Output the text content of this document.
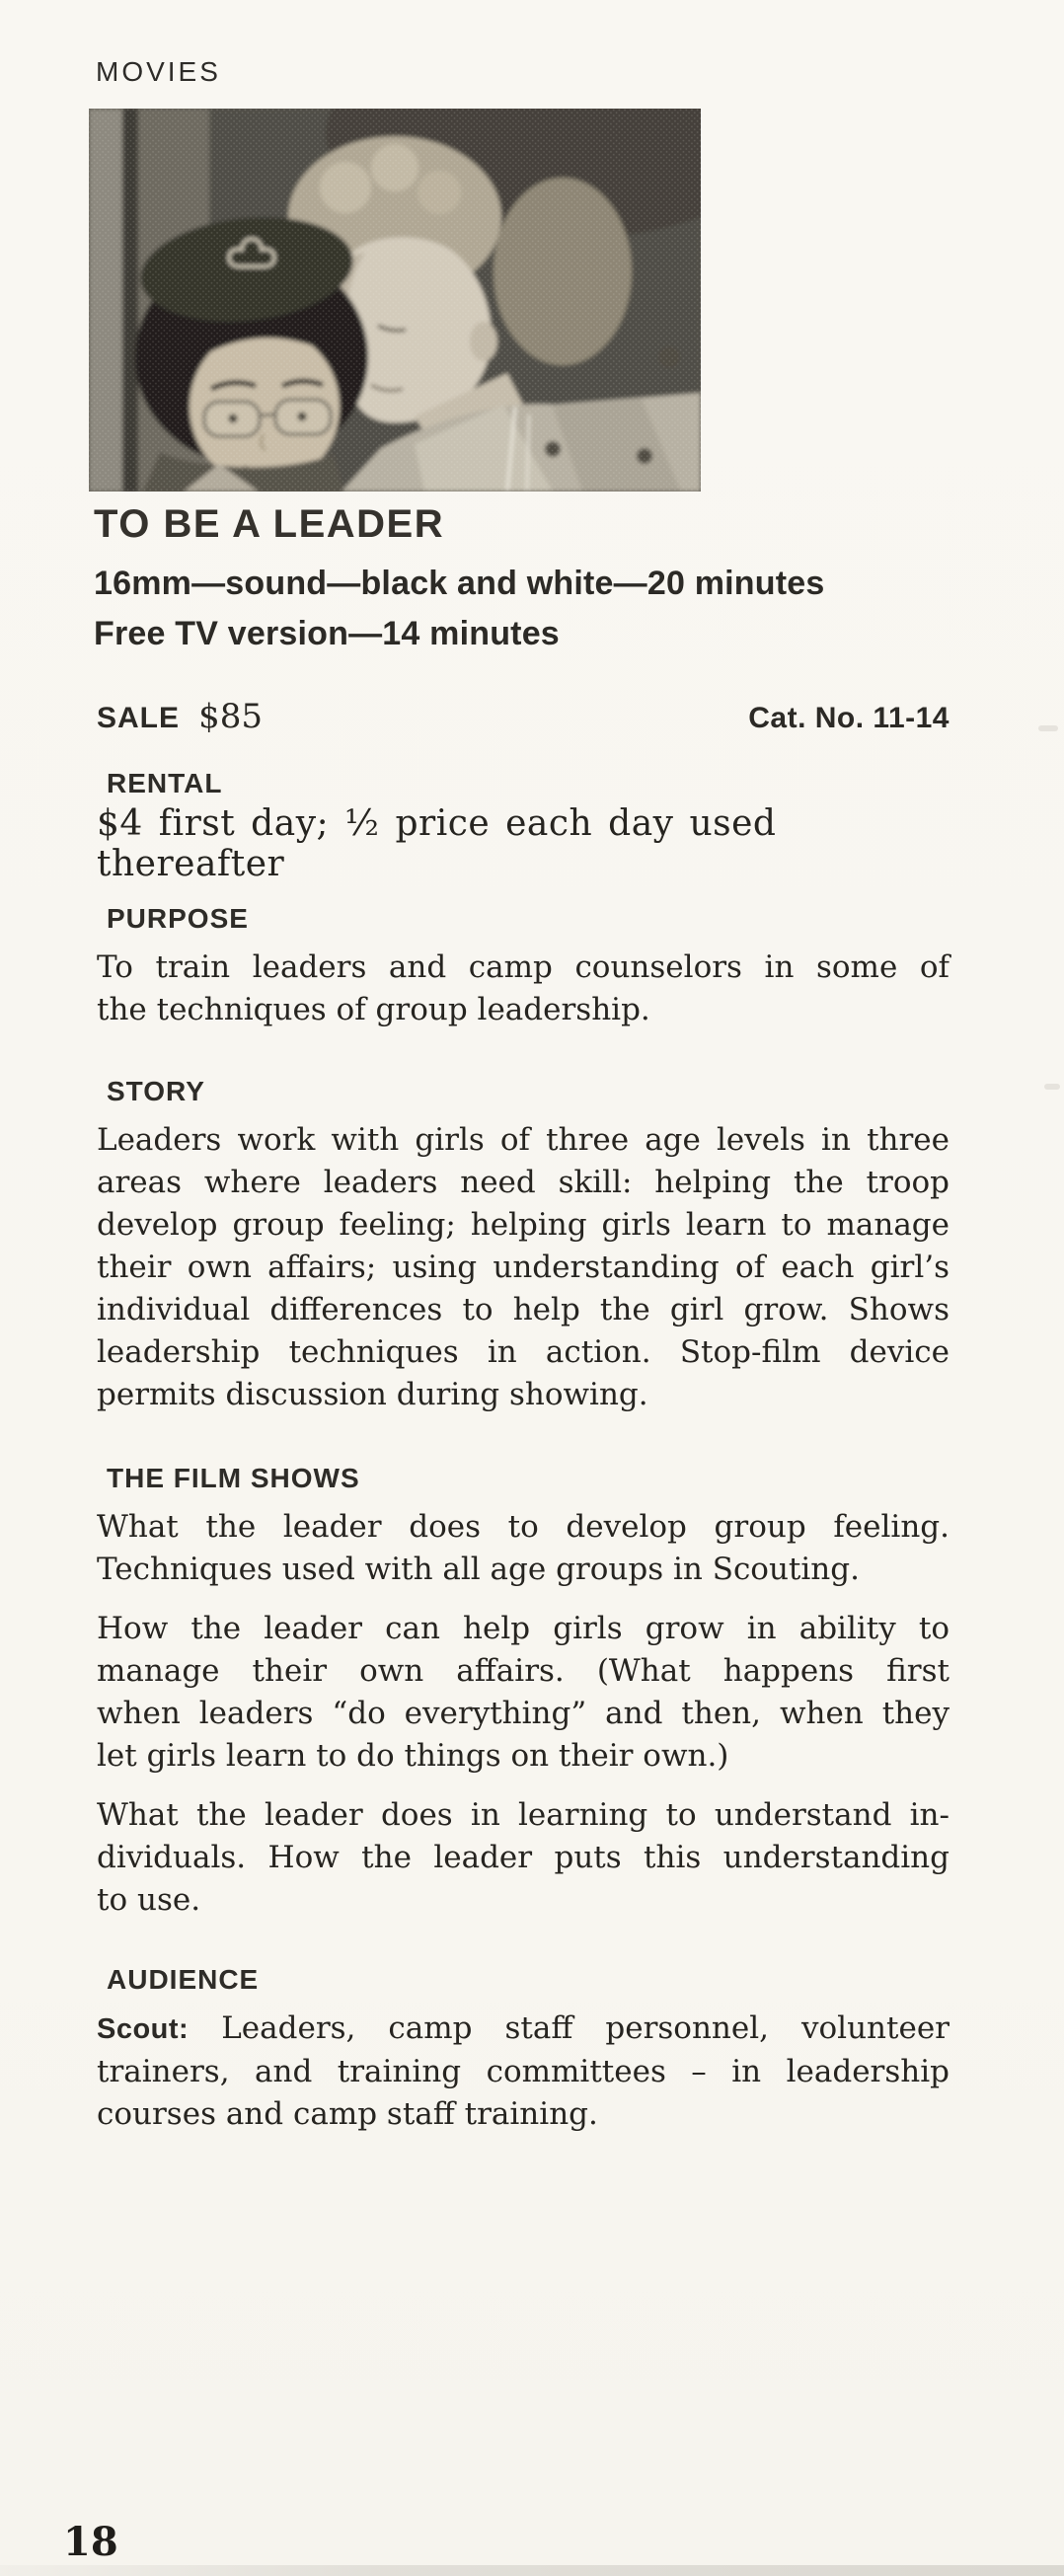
MOVIES
TO BE A LEADER
16mm—sound—black and white—20 minutes
Free TV version—14 minutes
SALE $85	Cat. No. 11-14
RENTAL
$4 first day; ½ price each day used thereafter
PURPOSE
To train leaders and camp counselors in some of
the techniques of group leadership.
STORY
Leaders work with girls of three age levels in three
areas where leaders need skill: helping the troop
develop group feeling; helping girls learn to manage
their own affairs; using understanding of each girl’s
individual differences to help the girl grow. Shows
leadership techniques in action. Stop-film device
permits discussion during showing.
THE FILM SHOWS
What the leader does to develop group feeling.
Techniques used with all age groups in Scouting.
How the leader can help girls grow in ability to
manage their own affairs. (What happens first
when leaders “do everything” and then, when they
let girls learn to do things on their own.)
What the leader does in learning to understand in-
dividuals. How the leader puts this understanding
to use.
AUDIENCE
Scout: Leaders, camp staff personnel, volunteer
trainers, and training committees – in leadership
courses and camp staff training.
18
